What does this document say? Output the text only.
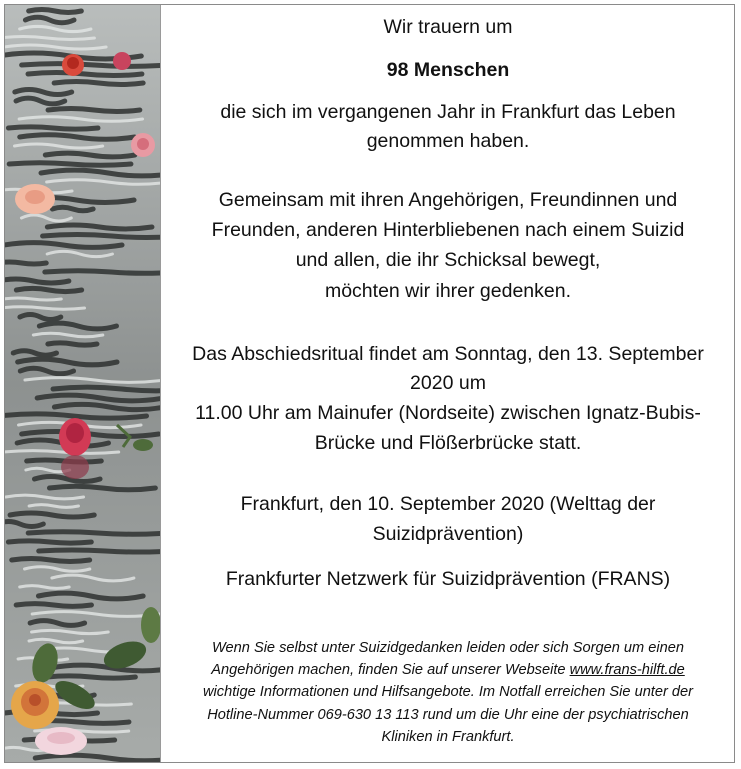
Wir trauern um
98 Menschen
die sich im vergangenen Jahr in Frankfurt das Leben
genommen haben.
Gemeinsam mit ihren Angehörigen, Freundinnen und
Freunden, anderen Hinterbliebenen nach einem Suizid
und allen, die ihr Schicksal bewegt,
möchten wir ihrer gedenken.
Das Abschiedsritual findet am Sonntag, den 13. September
2020 um
11.00 Uhr am Mainufer (Nordseite) zwischen Ignatz-Bubis-
Brücke und Flößerbrücke statt.
Frankfurt, den 10. September 2020 (Welttag der
Suizidprävention)
Frankfurter Netzwerk für Suizidprävention (FRANS)
Wenn Sie selbst unter Suizidgedanken leiden oder sich Sorgen um einen
Angehörigen machen, finden Sie auf unserer Webseite www.frans-hilft.de
wichtige Informationen und Hilfsangebote. Im Notfall erreichen Sie unter der
Hotline-Nummer 069-630 13 113 rund um die Uhr eine der psychiatrischen
Kliniken in Frankfurt.
